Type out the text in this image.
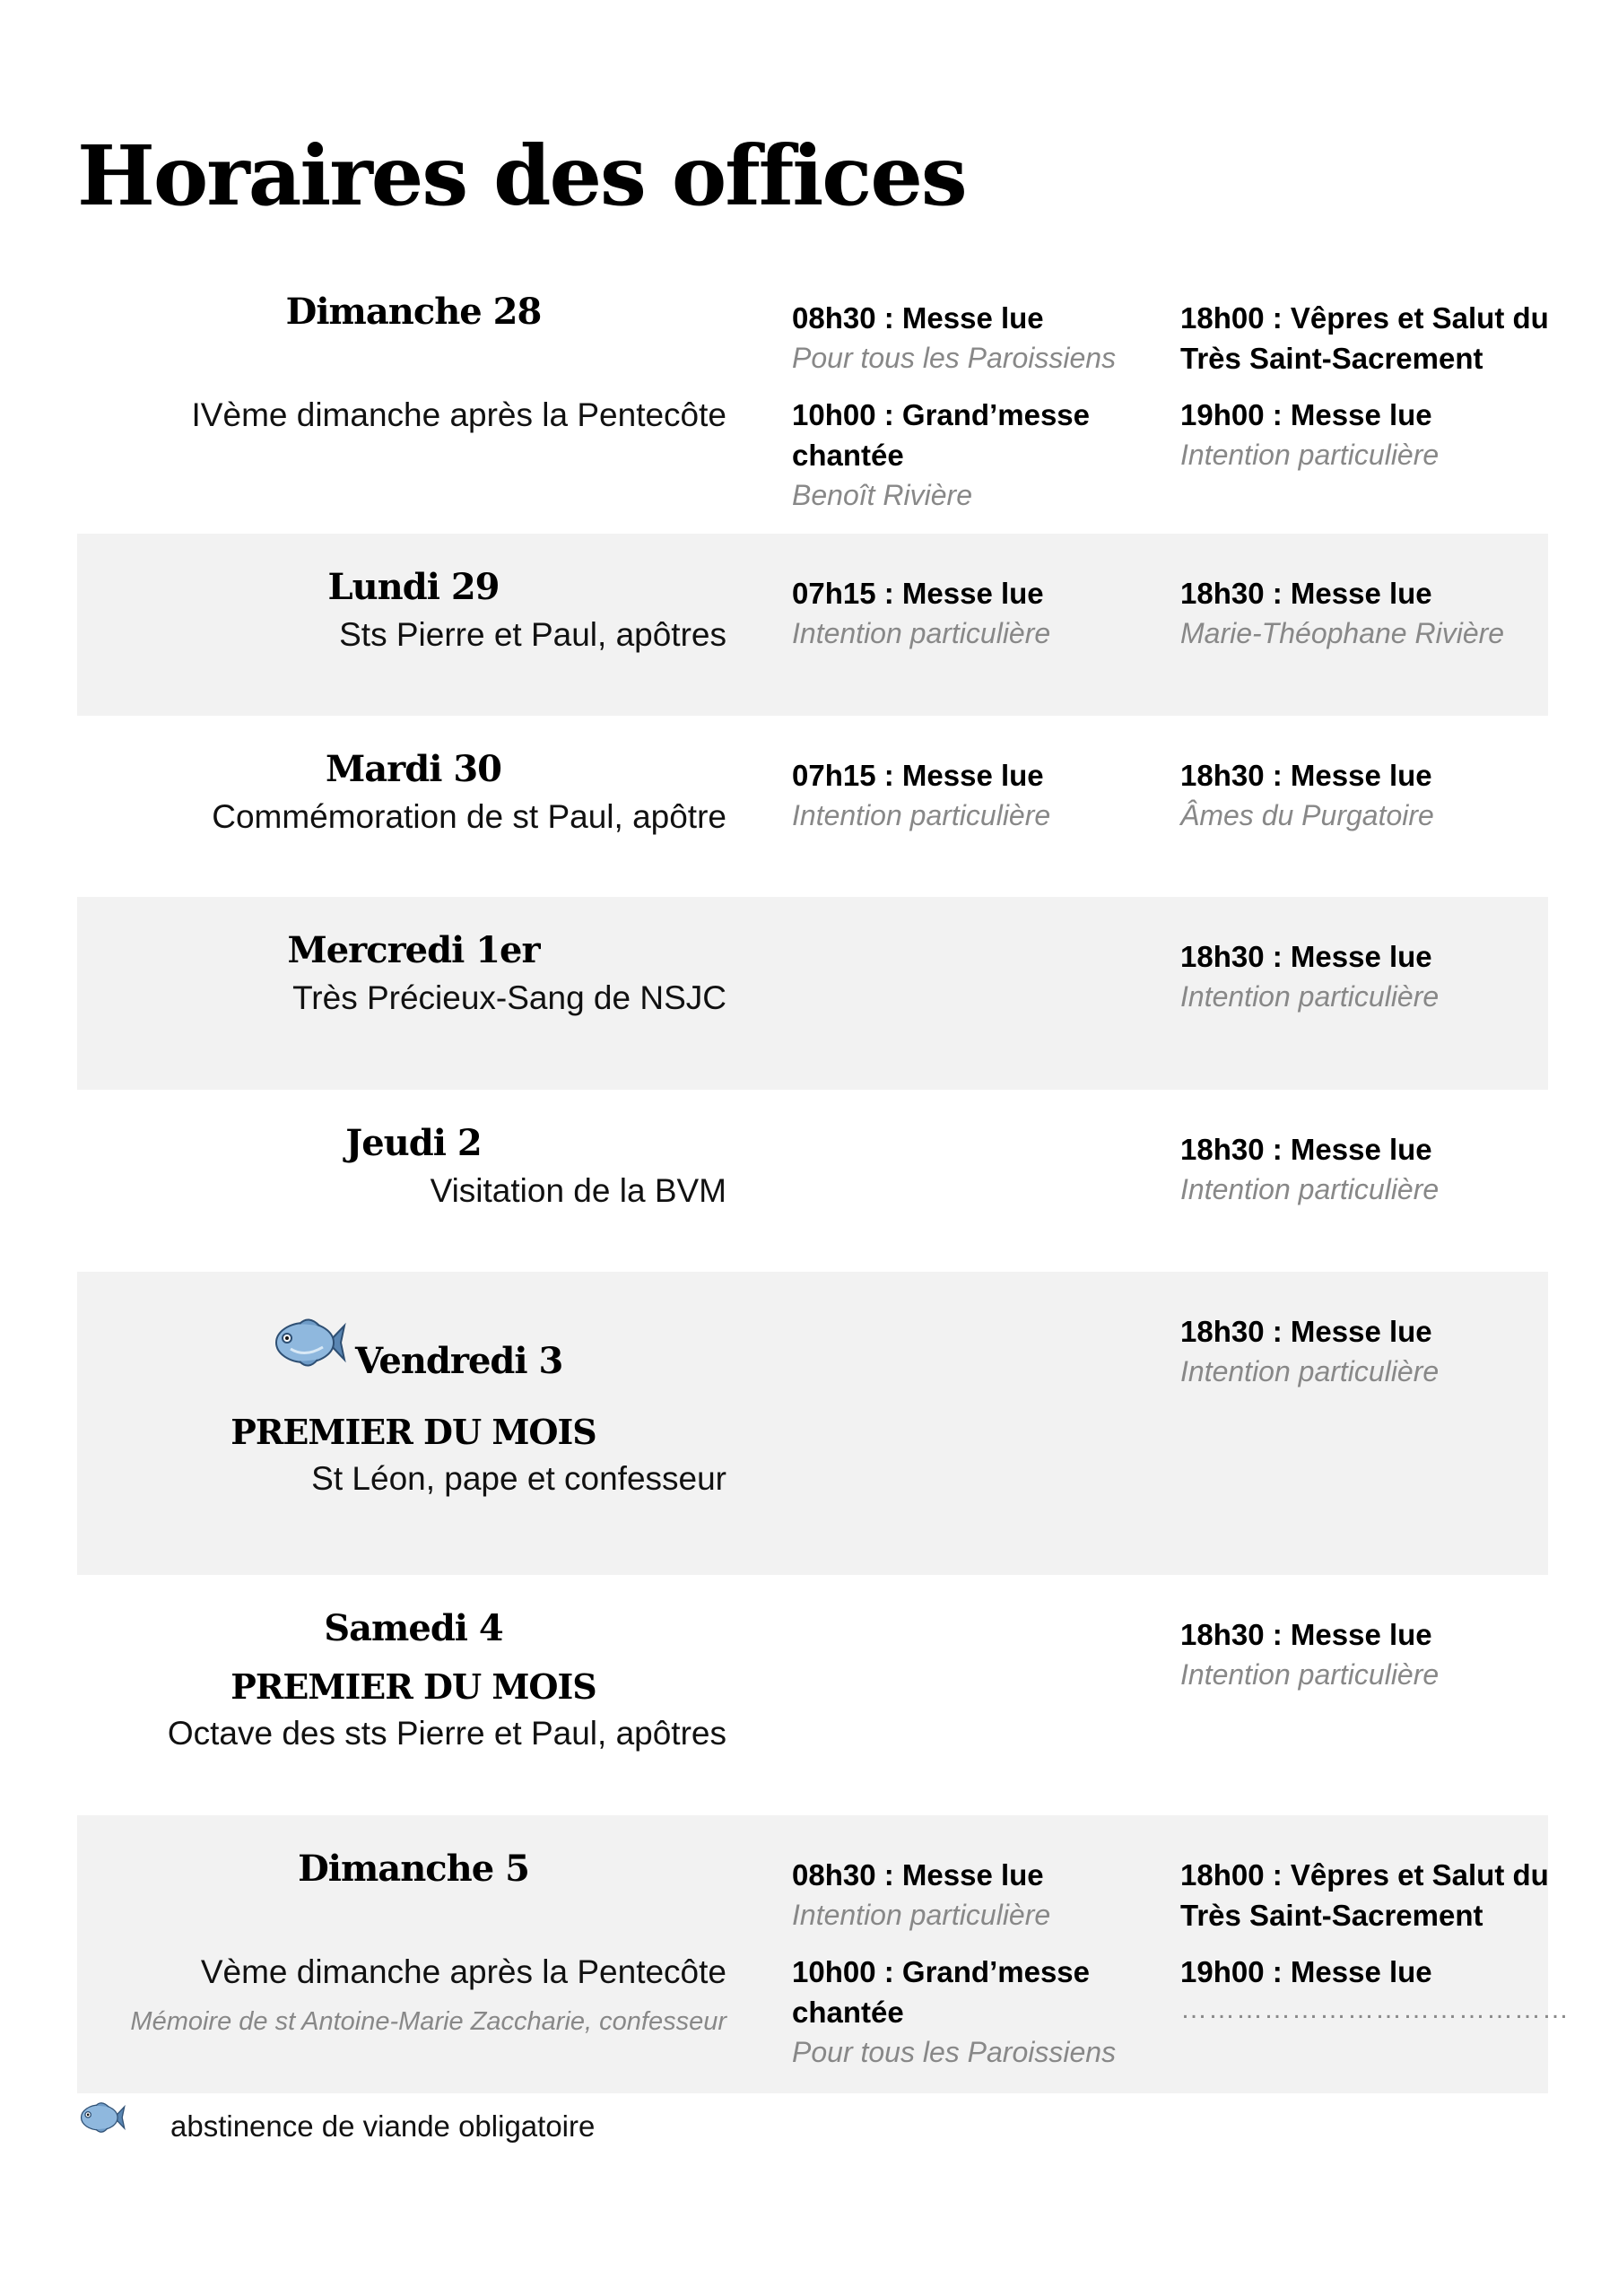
Horaires des offices
Dimanche 28
IVème dimanche après la Pentecôte
08h30 : Messe lue
Pour tous les Paroissiens
10h00 : Grand’messe chantée
Benoît Rivière
18h00 : Vêpres et Salut du Très Saint-Sacrement
19h00 : Messe lue
Intention particulière
Lundi 29
Sts Pierre et Paul, apôtres
07h15 : Messe lue
Intention particulière
18h30 : Messe lue
Marie-Théophane Rivière
Mardi 30
Commémoration de st Paul, apôtre
07h15 : Messe lue
Intention particulière
18h30 : Messe lue
Âmes du Purgatoire
Mercredi 1er
Très Précieux-Sang de NSJC
18h30 : Messe lue
Intention particulière
Jeudi 2
Visitation de la BVM
18h30 : Messe lue
Intention particulière
Vendredi 3
PREMIER DU MOIS
St Léon, pape et confesseur
18h30 : Messe lue
Intention particulière
Samedi 4
PREMIER DU MOIS
Octave des sts Pierre et Paul, apôtres
18h30 : Messe lue
Intention particulière
Dimanche 5
Vème dimanche après la Pentecôte
Mémoire de st Antoine-Marie Zaccharie, confesseur
08h30 : Messe lue
Intention particulière
10h00 : Grand’messe chantée
Pour tous les Paroissiens
18h00 : Vêpres et Salut du Très Saint-Sacrement
19h00 : Messe lue
……………………………………
abstinence de viande obligatoire
